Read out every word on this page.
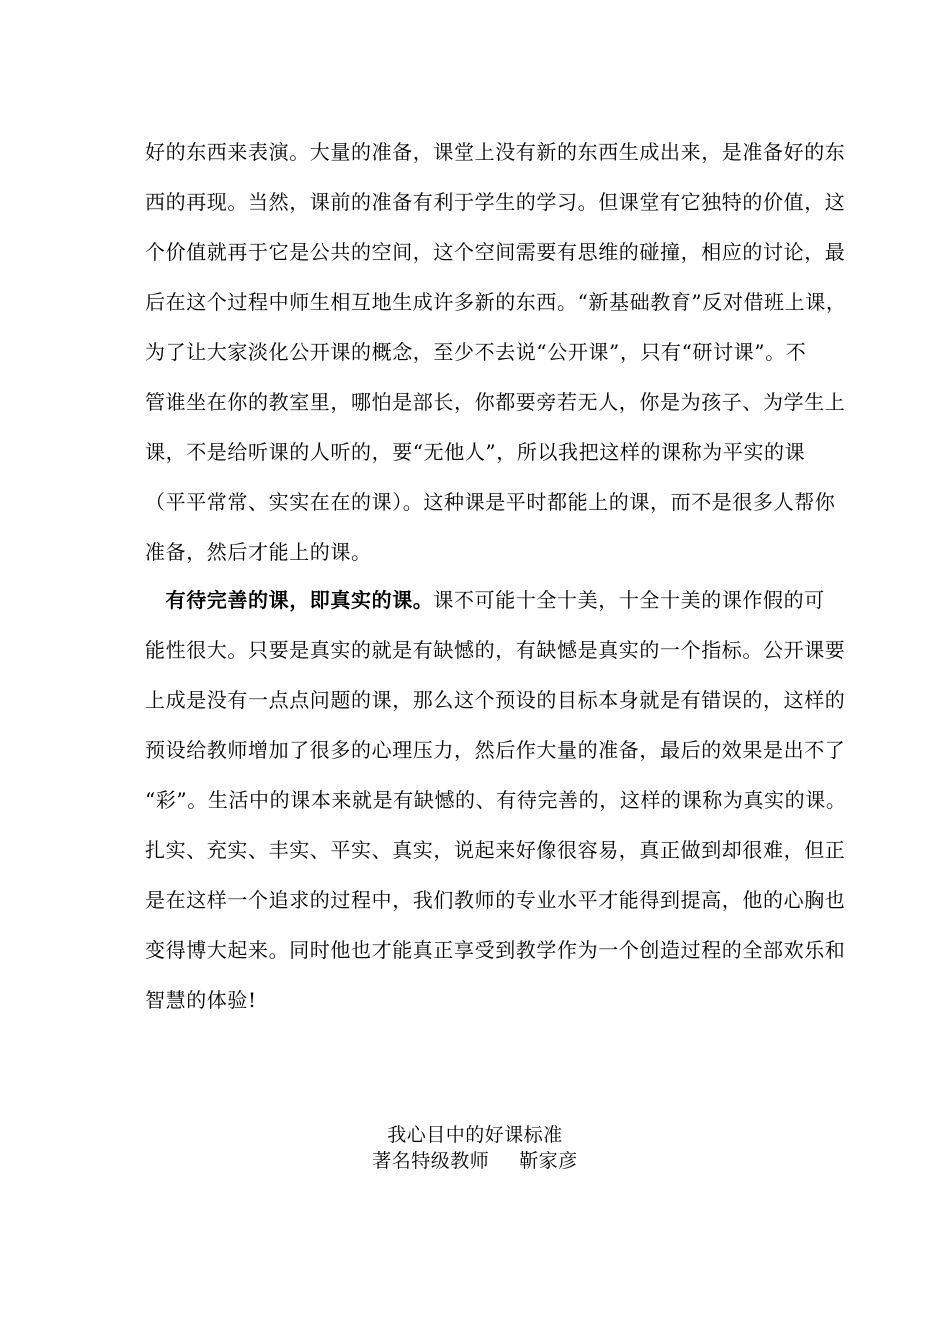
好的东西来表演。大量的准备，课堂上没有新的东西生成出来，是准备好的东
西的再现。当然，课前的准备有利于学生的学习。但课堂有它独特的价值，这
个价值就再于它是公共的空间，这个空间需要有思维的碰撞，相应的讨论，最
后在这个过程中师生相互地生成许多新的东西。“新基础教育”反对借班上课，
为了让大家淡化公开课的概念，至少不去说“公开课”，只有“研讨课”。不
管谁坐在你的教室里，哪怕是部长，你都要旁若无人，你是为孩子、为学生上
课，不是给听课的人听的，要“无他人”，所以我把这样的课称为平实的课
（平平常常、实实在在的课）。这种课是平时都能上的课，而不是很多人帮你
准备，然后才能上的课。
　有待完善的课，即真实的课。课不可能十全十美，十全十美的课作假的可
能性很大。只要是真实的就是有缺憾的，有缺憾是真实的一个指标。公开课要
上成是没有一点点问题的课，那么这个预设的目标本身就是有错误的，这样的
预设给教师增加了很多的心理压力，然后作大量的准备，最后的效果是出不了
“彩”。生活中的课本来就是有缺憾的、有待完善的，这样的课称为真实的课。
扎实、充实、丰实、平实、真实，说起来好像很容易，真正做到却很难，但正
是在这样一个追求的过程中，我们教师的专业水平才能得到提高，他的心胸也
变得博大起来。同时他也才能真正享受到教学作为一个创造过程的全部欢乐和
智慧的体验!
我心目中的好课标准
著名特级教师 靳家彦
